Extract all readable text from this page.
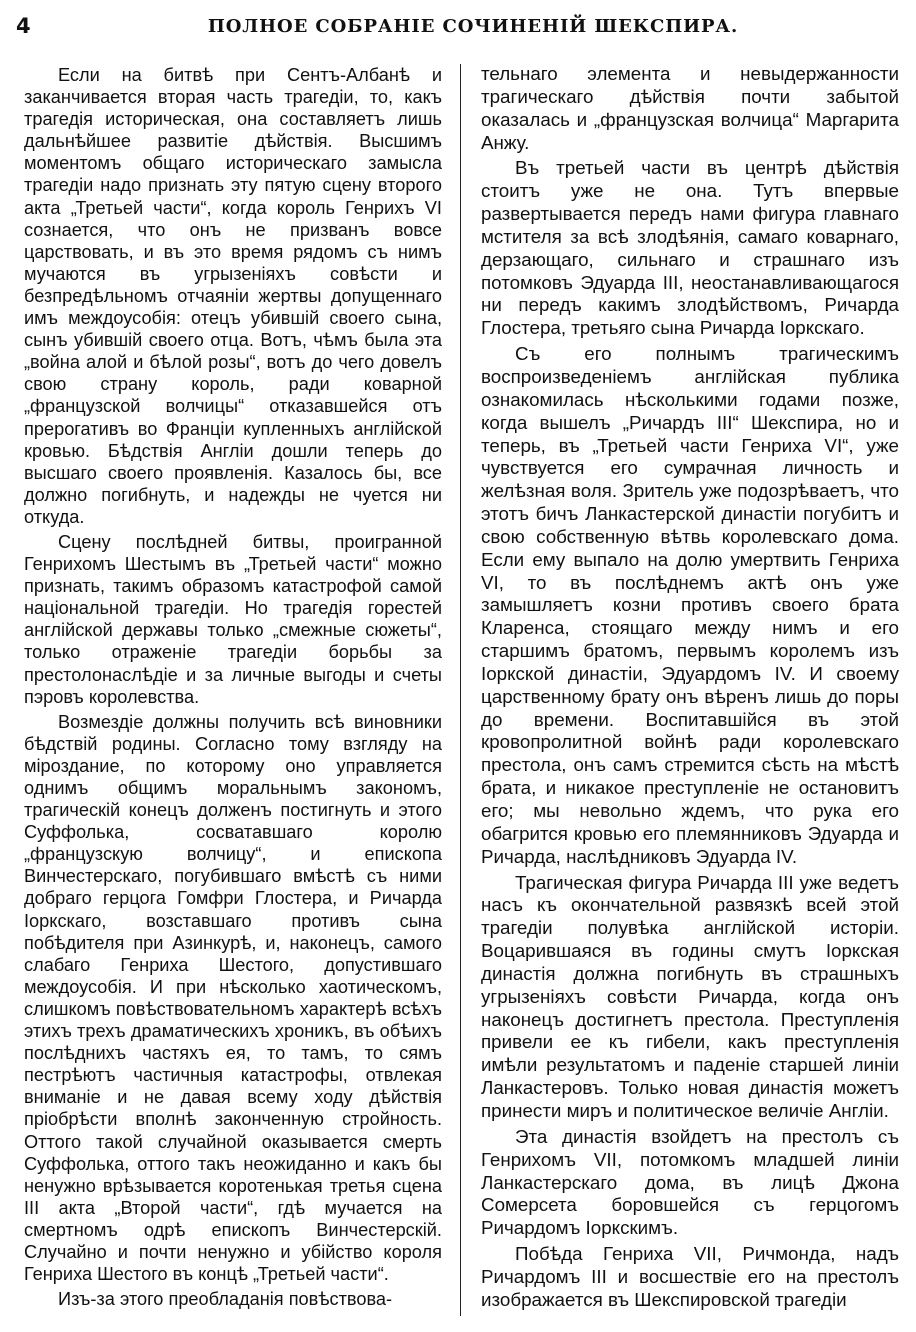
4	ПОЛНОЕ СОБРАНІЕ СОЧИНЕНІЙ ШЕКСПИРА.

Если на битвѣ при Сентъ-Албанѣ и заканчивается вторая часть трагедіи, то, какъ трагедія историческая, она составляетъ лишь дальнѣйшее развитіе дѣйствія. Высшимъ моментомъ общаго историческаго замысла трагедіи надо признать эту пятую сцену второго акта „Третьей части“, когда король Генрихъ VI сознается, что онъ не призванъ вовсе царствовать, и въ это время рядомъ съ нимъ мучаются въ угрызеніяхъ совѣсти и безпредѣльномъ отчаяніи жертвы допущеннаго имъ междоусобія: отецъ убившій своего сына, сынъ убившій своего отца. Вотъ, чѣмъ была эта „война алой и бѣлой розы“, вотъ до чего довелъ свою страну король, ради коварной „французской волчицы“ отказавшейся отъ прерогативъ во Франціи купленныхъ англійской кровью. Бѣдствія Англіи дошли теперь до высшаго своего проявленія. Казалось бы, все должно погибнуть, и надежды не чуется ни откуда.

Сцену послѣдней битвы, проигранной Генрихомъ Шестымъ въ „Третьей части“ можно признать, такимъ образомъ катастрофой самой національной трагедіи. Но трагедія горестей англійской державы только „смежные сюжеты“, только отраженіе трагедіи борьбы за престолонаслѣдіе и за личные выгоды и счеты пэровъ королевства.

Возмездіе должны получить всѣ виновники бѣдствій родины. Согласно тому взгляду на міроздание, по которому оно управляется однимъ общимъ моральнымъ закономъ, трагическій конецъ долженъ постигнуть и этого Суффолька, сосватавшаго королю „французскую волчицу“, и епископа Винчестерскаго, погубившаго вмѣстѣ съ ними добраго герцога Гомфри Глостера, и Ричарда Іоркскаго, возставшаго противъ сына побѣдителя при Азинкурѣ, и, наконецъ, самого слабаго Генриха Шестого, допустившаго междоусобія. И при нѣсколько хаотическомъ, слишкомъ повѣствовательномъ характерѣ всѣхъ этихъ трехъ драматическихъ хроникъ, въ обѣихъ послѣднихъ частяхъ ея, то тамъ, то сямъ пестрѣютъ частичныя катастрофы, отвлекая вниманіе и не давая всему ходу дѣйствія пріобрѣсти вполнѣ законченную стройность. Оттого такой случайной оказывается смерть Суффолька, оттого такъ неожиданно и какъ бы ненужно врѣзывается коротенькая третья сцена III акта „Второй части“, гдѣ мучается на смертномъ одрѣ епископъ Винчестерскій. Случайно и почти ненужно и убійство короля Генриха Шестого въ концѣ „Третьей части“.

Изъ-за этого преобладанія повѣствова-

тельнаго элемента и невыдержанности трагическаго дѣйствія почти забытой оказалась и „французская волчица“ Маргарита Анжу.

Въ третьей части въ центрѣ дѣйствія стоитъ уже не она. Тутъ впервые развертывается передъ нами фигура главнаго мстителя за всѣ злодѣянія, самаго коварнаго, дерзающаго, сильнаго и страшнаго изъ потомковъ Эдуарда III, неостанавливающагося ни передъ какимъ злодѣйствомъ, Ричарда Глостера, третьяго сына Ричарда Іоркскаго.

Съ его полнымъ трагическимъ воспроизведеніемъ англійская публика ознакомилась нѣсколькими годами позже, когда вышелъ „Ричардъ III“ Шекспира, но и теперь, въ „Третьей части Генриха VI“, уже чувствуется его сумрачная личность и желѣзная воля. Зритель уже подозрѣваетъ, что этотъ бичъ Ланкастерской династіи погубитъ и свою собственную вѣтвь королевскаго дома. Если ему выпало на долю умертвить Генриха VI, то въ послѣднемъ актѣ онъ уже замышляетъ козни противъ своего брата Кларенса, стоящаго между нимъ и его старшимъ братомъ, первымъ королемъ изъ Іоркской династіи, Эдуардомъ IV. И своему царственному брату онъ вѣренъ лишь до поры до времени. Воспитавшійся въ этой кровопролитной войнѣ ради королевскаго престола, онъ самъ стремится сѣсть на мѣстѣ брата, и никакое преступленіе не остановитъ его; мы невольно ждемъ, что рука его обагрится кровью его племянниковъ Эдуарда и Ричарда, наслѣдниковъ Эдуарда IV.

Трагическая фигура Ричарда III уже ведетъ насъ къ окончательной развязкѣ всей этой трагедіи полувѣка англійской исторіи. Воцарившаяся въ годины смутъ Іоркская династія должна погибнуть въ страшныхъ угрызеніяхъ совѣсти Ричарда, когда онъ наконецъ достигнетъ престола. Преступленія привели ее къ гибели, какъ преступленія имѣли результатомъ и паденіе старшей линіи Ланкастеровъ. Только новая династія можетъ принести миръ и политическое величіе Англіи.

Эта династія взойдетъ на престолъ съ Генрихомъ VII, потомкомъ младшей линіи Ланкастерскаго дома, въ лицѣ Джона Сомерсета боровшейся съ герцогомъ Ричардомъ Іоркскимъ.

Побѣда Генриха VII, Ричмонда, надъ Ричардомъ III и восшествіе его на престолъ изображается въ Шекспировской трагедіи
